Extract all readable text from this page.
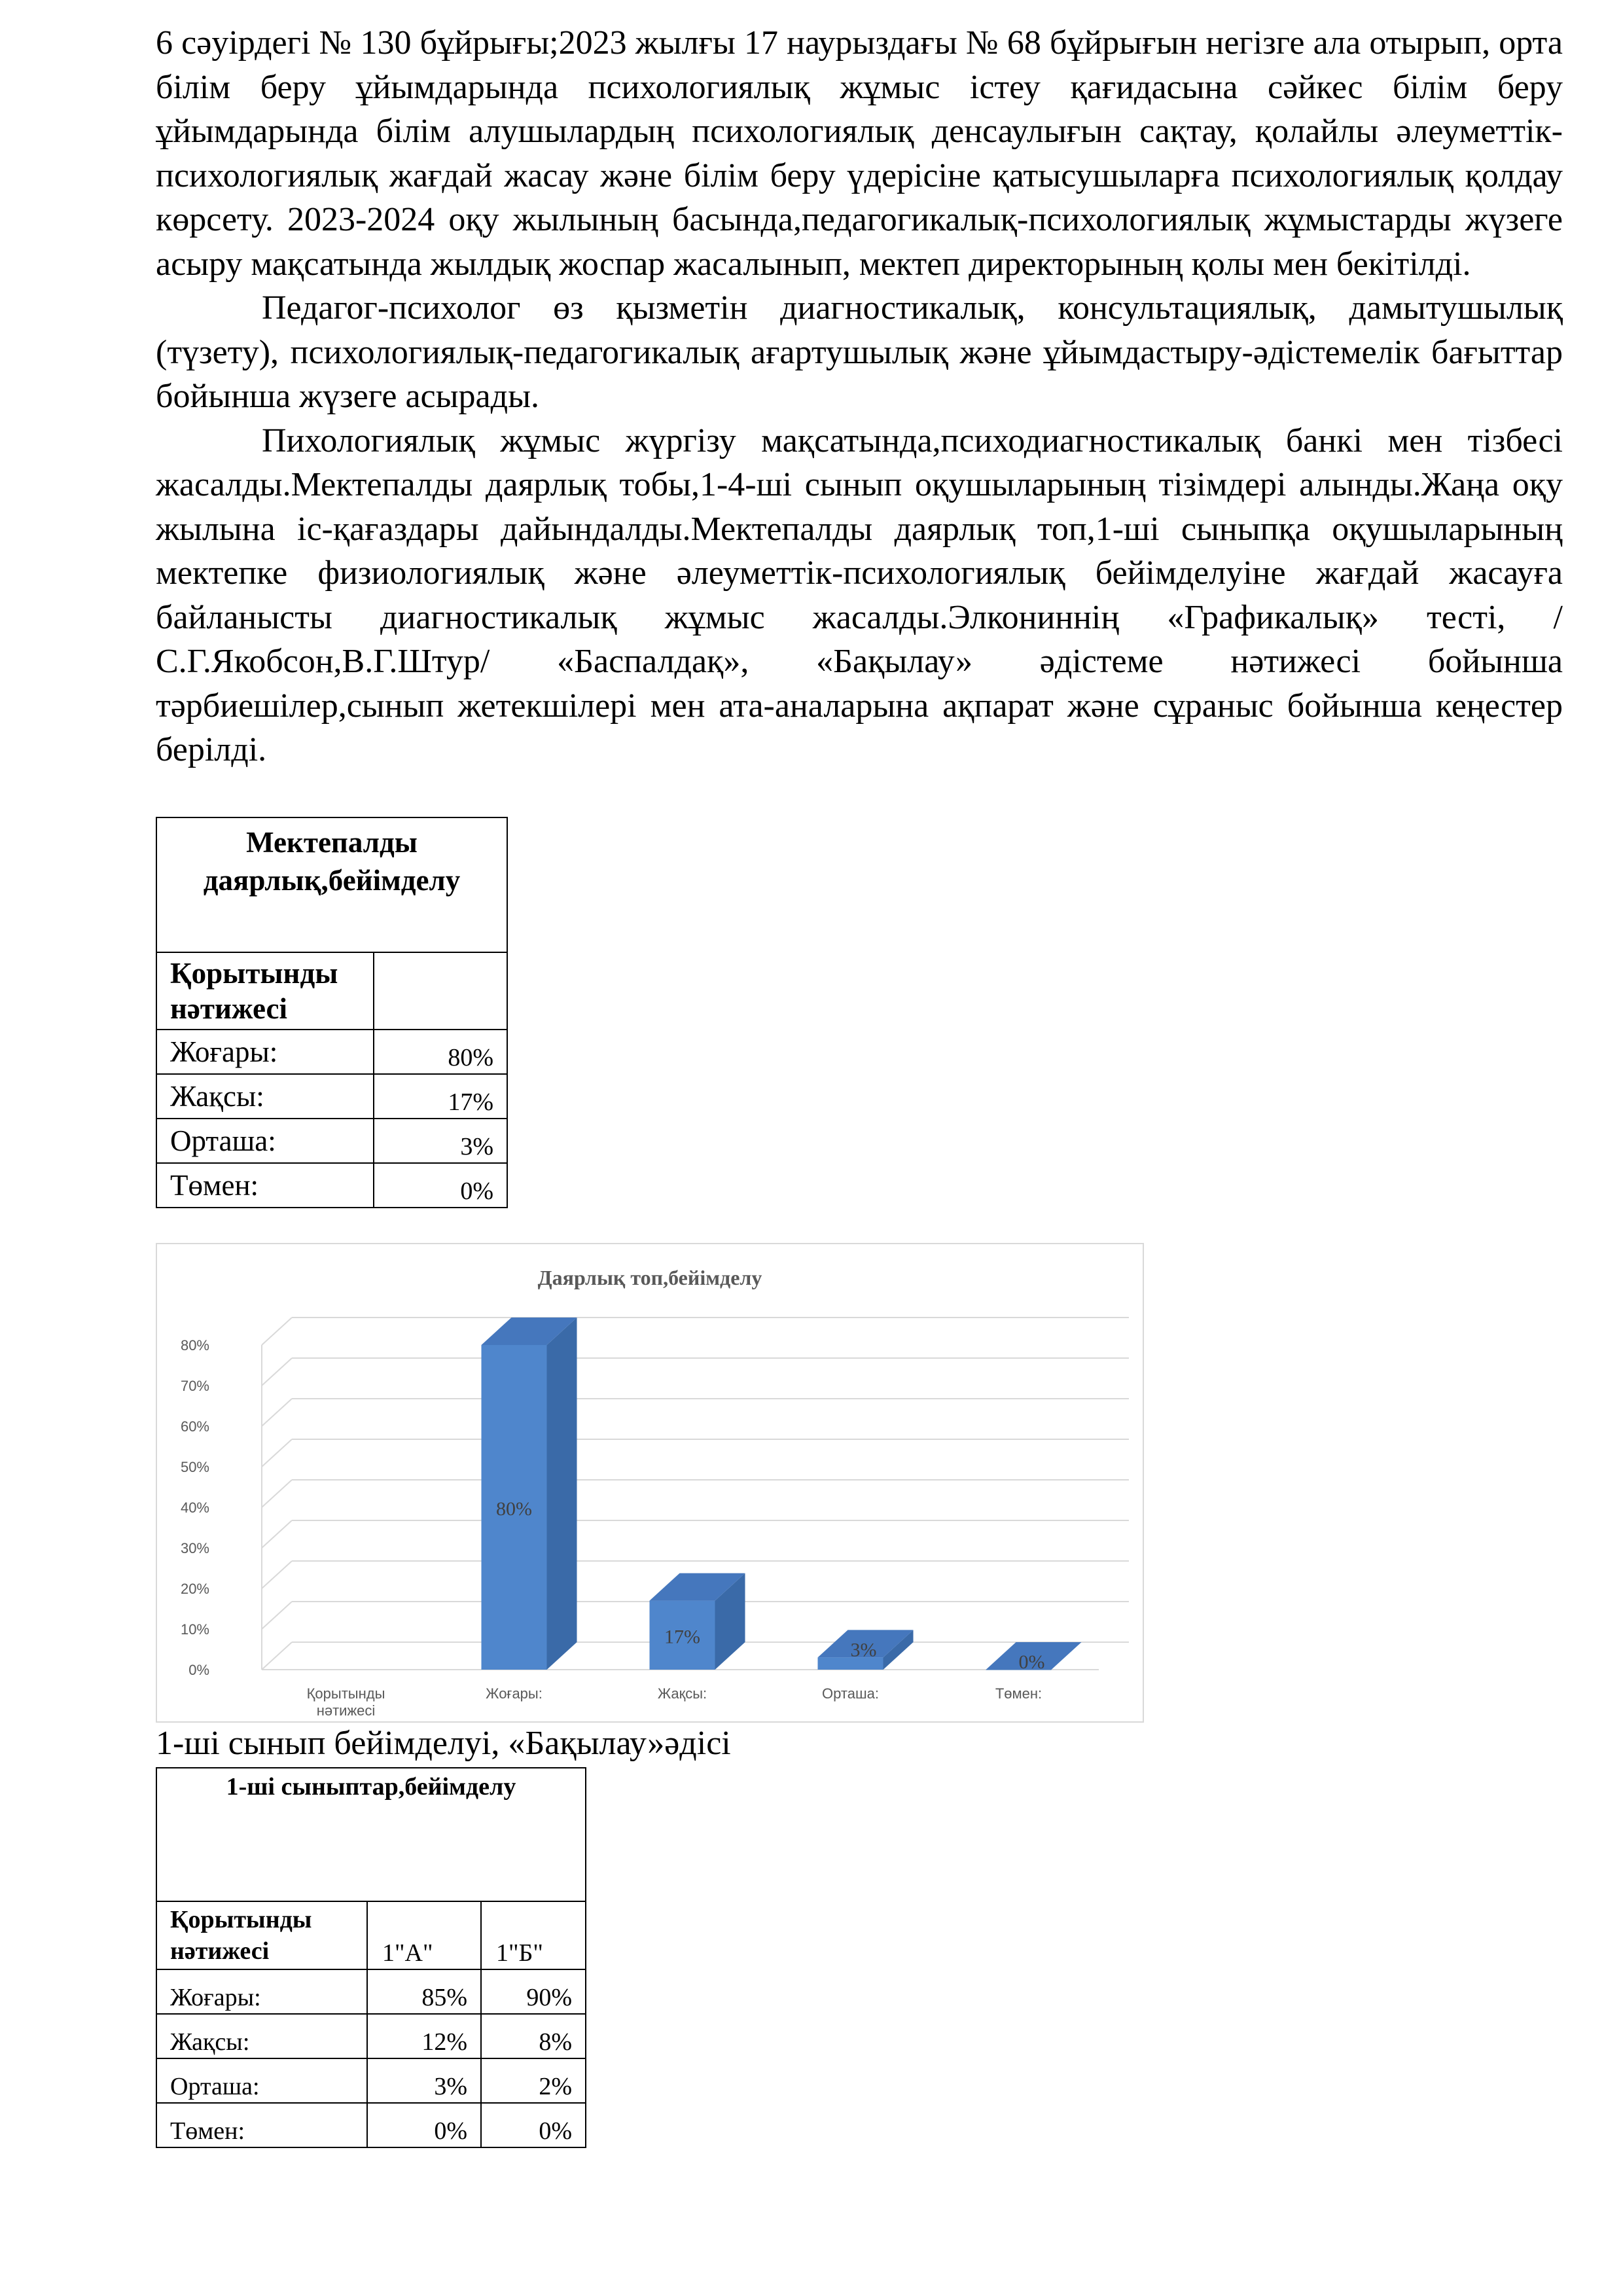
6 сәуірдегі № 130 бұйрығы;2023 жылғы 17 наурыздағы № 68 бұйрығын негізге ала отырып, орта білім беру ұйымдарында психологиялық жұмыс істеу қағидасына сәйкес білім беру ұйымдарында білім алушылардың психологиялық денсаулығын сақтау, қолайлы әлеуметтік-психологиялық жағдай жасау және білім беру үдерісіне қатысушыларға психологиялық қолдау көрсету. 2023-2024 оқу жылының басында,педагогикалық-психологиялық жұмыстарды жүзеге асыру мақсатында жылдық жоспар жасалынып, мектеп директорының қолы мен бекітілді.

Педагог-психолог өз қызметін диагностикалық, консультациялық, дамытушылық (түзету), психологиялық-педагогикалық ағартушылық және ұйымдастыру-әдістемелік бағыттар бойынша жүзеге асырады.

Пихологиялық жұмыс жүргізу мақсатында,психодиагностикалық банкі мен тізбесі жасалды.Мектепалды даярлық тобы,1-4-ші сынып оқушыларының тізімдері алынды.Жаңа оқу жылына іс-қағаздары дайындалды.Мектепалды даярлық топ,1-ші сыныпқа оқушыларының мектепке физиологиялық және әлеуметтік-психологиялық бейімделуіне жағдай жасауға байланысты диагностикалық жұмыс жасалды.Элкониннің «Графикалық» тесті, /С.Г.Якобсон,В.Г.Штур/ «Баспалдақ», «Бақылау» әдістеме нәтижесі бойынша тәрбиешілер,сынып жетекшілері мен ата-аналарына ақпарат және сұраныс бойынша кеңестер берілді.

Мектепалды даярлық,бейімделу	
Қорытынды нәтижесі	
Жоғары:	80%
Жақсы:	17%
Орташа:	3%
Төмен:	0%
Даярлық топ,бейімделу
0%
10%
20%
30%
40%
50%
60%
70%
80%
Қорытынды
нәтижесі
Жоғары:	Жақсы:	Орташа:	Төмен:
80%
17%
3%
0%
1-ші сынып бейімделуі, «Бақылау»әдісі
1-ші сыныптар,бейімделу		
Қорытынды нәтижесі	1"А"	1"Б"
Жоғары:	85%	90%
Жақсы:	12%	8%
Орташа:	3%	2%
Төмен:	0%	0%
